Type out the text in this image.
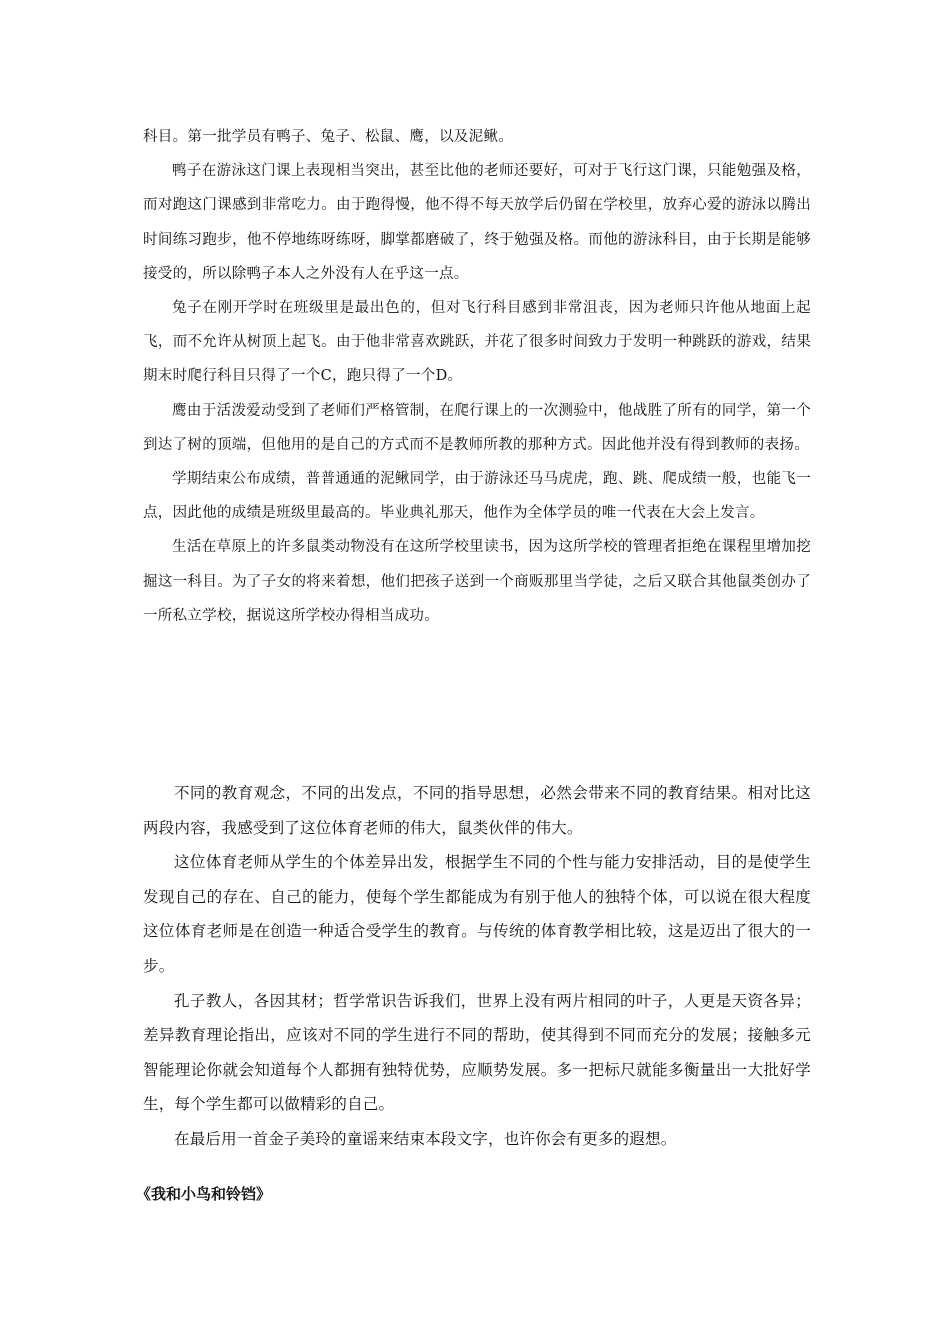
科目。第一批学员有鸭子、兔子、松鼠、鹰，以及泥鳅。

鸭子在游泳这门课上表现相当突出，甚至比他的老师还要好，可对于飞行这门课，只能勉强及格，而对跑这门课感到非常吃力。由于跑得慢，他不得不每天放学后仍留在学校里，放弃心爱的游泳以腾出时间练习跑步，他不停地练呀练呀，脚掌都磨破了，终于勉强及格。而他的游泳科目，由于长期是能够接受的，所以除鸭子本人之外没有人在乎这一点。

兔子在刚开学时在班级里是最出色的，但对飞行科目感到非常沮丧，因为老师只许他从地面上起飞，而不允许从树顶上起飞。由于他非常喜欢跳跃，并花了很多时间致力于发明一种跳跃的游戏，结果期末时爬行科目只得了一个C，跑只得了一个D。

鹰由于活泼爱动受到了老师们严格管制，在爬行课上的一次测验中，他战胜了所有的同学，第一个到达了树的顶端，但他用的是自己的方式而不是教师所教的那种方式。因此他并没有得到教师的表扬。

学期结束公布成绩，普普通通的泥鳅同学，由于游泳还马马虎虎，跑、跳、爬成绩一般，也能飞一点，因此他的成绩是班级里最高的。毕业典礼那天，他作为全体学员的唯一代表在大会上发言。

生活在草原上的许多鼠类动物没有在这所学校里读书，因为这所学校的管理者拒绝在课程里增加挖掘这一科目。为了子女的将来着想，他们把孩子送到一个商贩那里当学徒，之后又联合其他鼠类创办了一所私立学校，据说这所学校办得相当成功。

不同的教育观念，不同的出发点，不同的指导思想，必然会带来不同的教育结果。相对比这两段内容，我感受到了这位体育老师的伟大，鼠类伙伴的伟大。

这位体育老师从学生的个体差异出发，根据学生不同的个性与能力安排活动，目的是使学生发现自己的存在、自己的能力，使每个学生都能成为有别于他人的独特个体，可以说在很大程度这位体育老师是在创造一种适合受学生的教育。与传统的体育教学相比较，这是迈出了很大的一步。

孔子教人，各因其材；哲学常识告诉我们，世界上没有两片相同的叶子，人更是天资各异；差异教育理论指出，应该对不同的学生进行不同的帮助，使其得到不同而充分的发展；接触多元智能理论你就会知道每个人都拥有独特优势，应顺势发展。多一把标尺就能多衡量出一大批好学生，每个学生都可以做精彩的自己。

在最后用一首金子美玲的童谣来结束本段文字，也许你会有更多的遐想。

《我和小鸟和铃铛》
